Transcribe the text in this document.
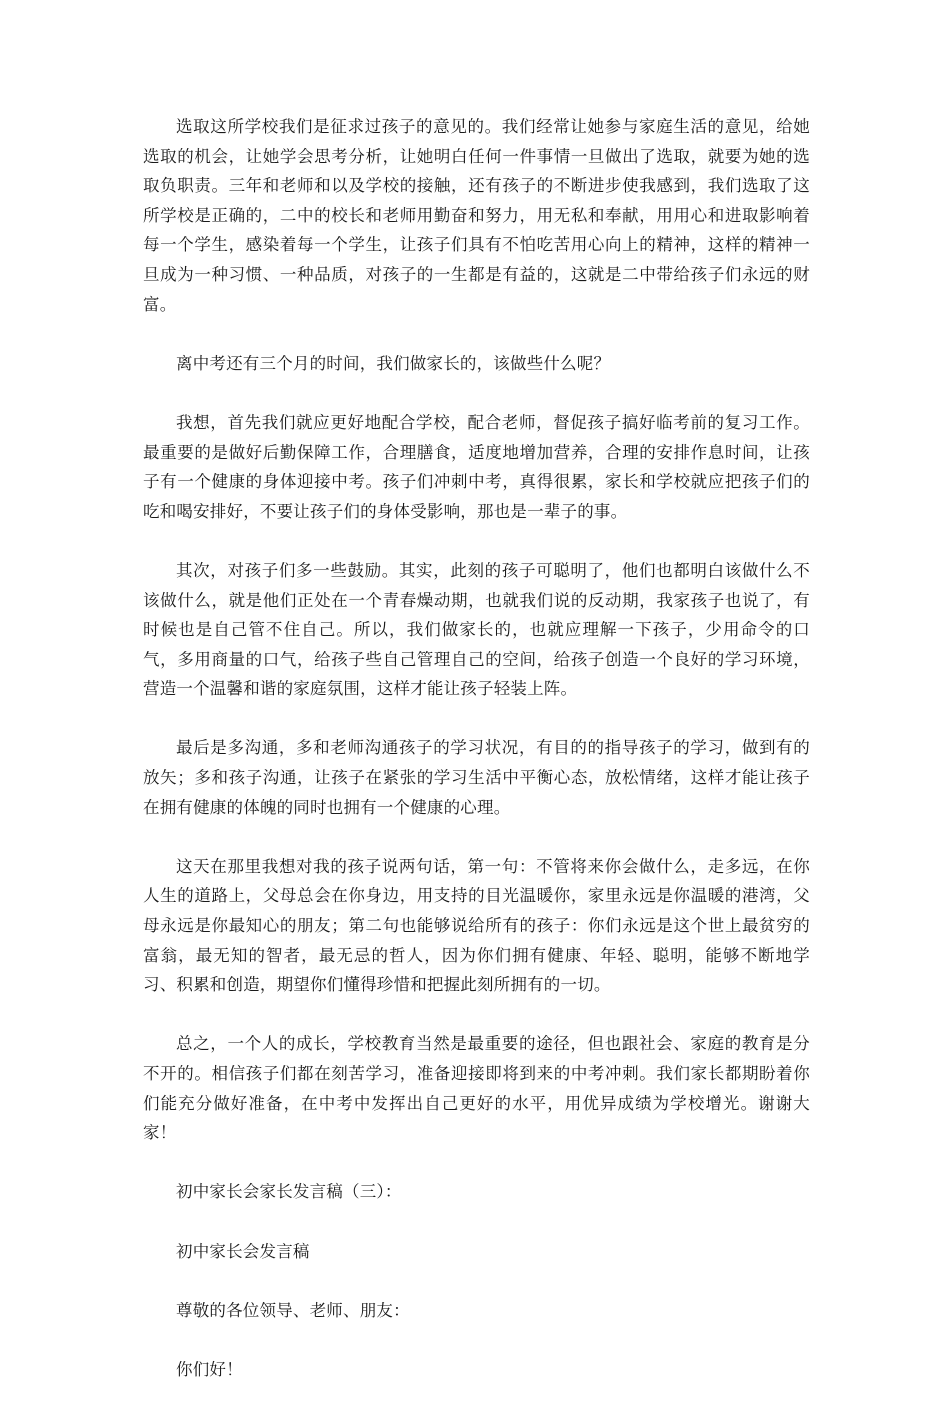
选取这所学校我们是征求过孩子的意见的。我们经常让她参与家庭生活的意见，给她选取的机会，让她学会思考分析，让她明白任何一件事情一旦做出了选取，就要为她的选取负职责。三年和老师和以及学校的接触，还有孩子的不断进步使我感到，我们选取了这所学校是正确的，二中的校长和老师用勤奋和努力，用无私和奉献，用用心和进取影响着每一个学生，感染着每一个学生，让孩子们具有不怕吃苦用心向上的精神，这样的精神一旦成为一种习惯、一种品质，对孩子的一生都是有益的，这就是二中带给孩子们永远的财富。

离中考还有三个月的时间，我们做家长的，该做些什么呢？

我想，首先我们就应更好地配合学校，配合老师，督促孩子搞好临考前的复习工作。最重要的是做好后勤保障工作，合理膳食，适度地增加营养，合理的安排作息时间，让孩子有一个健康的身体迎接中考。孩子们冲刺中考，真得很累，家长和学校就应把孩子们的吃和喝安排好，不要让孩子们的身体受影响，那也是一辈子的事。

其次，对孩子们多一些鼓励。其实，此刻的孩子可聪明了，他们也都明白该做什么不该做什么，就是他们正处在一个青春燥动期，也就我们说的反动期，我家孩子也说了，有时候也是自己管不住自己。所以，我们做家长的，也就应理解一下孩子，少用命令的口气，多用商量的口气，给孩子些自己管理自己的空间，给孩子创造一个良好的学习环境，营造一个温馨和谐的家庭氛围，这样才能让孩子轻装上阵。

最后是多沟通，多和老师沟通孩子的学习状况，有目的的指导孩子的学习，做到有的放矢；多和孩子沟通，让孩子在紧张的学习生活中平衡心态，放松情绪，这样才能让孩子在拥有健康的体魄的同时也拥有一个健康的心理。

这天在那里我想对我的孩子说两句话，第一句：不管将来你会做什么，走多远，在你人生的道路上，父母总会在你身边，用支持的目光温暖你，家里永远是你温暖的港湾，父母永远是你最知心的朋友；第二句也能够说给所有的孩子：你们永远是这个世上最贫穷的富翁，最无知的智者，最无忌的哲人，因为你们拥有健康、年轻、聪明，能够不断地学习、积累和创造，期望你们懂得珍惜和把握此刻所拥有的一切。

总之，一个人的成长，学校教育当然是最重要的途径，但也跟社会、家庭的教育是分不开的。相信孩子们都在刻苦学习，准备迎接即将到来的中考冲刺。我们家长都期盼着你们能充分做好准备，在中考中发挥出自己更好的水平，用优异成绩为学校增光。谢谢大家！

初中家长会家长发言稿（三）：

初中家长会发言稿

尊敬的各位领导、老师、朋友：

你们好！
